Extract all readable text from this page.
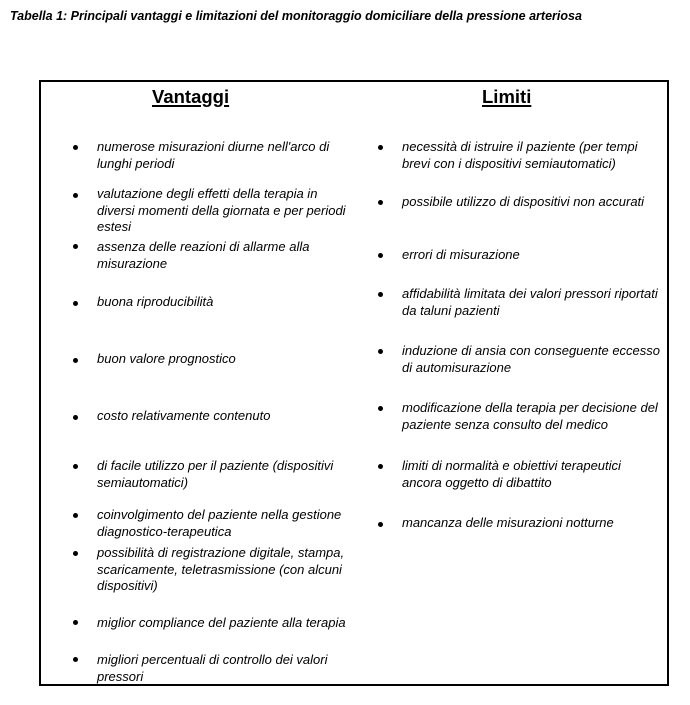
Tabella 1: Principali vantaggi e limitazioni del monitoraggio domiciliare della pressione arteriosa
Vantaggi	Limiti
numerose misurazioni diurne nell'arco di lunghi periodi
valutazione degli effetti della terapia in diversi momenti della giornata e per periodi estesi
assenza delle reazioni di allarme alla misurazione
buona riproducibilità
buon valore prognostico
costo relativamente contenuto
di facile utilizzo per il paziente (dispositivi semiautomatici)
coinvolgimento del paziente nella gestione diagnostico-terapeutica
possibilità di registrazione digitale, stampa, scaricamente, teletrasmissione (con alcuni dispositivi)
miglior compliance del paziente alla terapia
migliori percentuali di controllo dei valori pressori
necessità di istruire il paziente (per tempi brevi con i dispositivi semiautomatici)
possibile utilizzo di dispositivi non accurati
errori di misurazione
affidabilità limitata dei valori pressori riportati da taluni pazienti
induzione di ansia con conseguente eccesso di automisurazione
modificazione della terapia per decisione del paziente senza consulto del medico
limiti di normalità e obiettivi terapeutici ancora oggetto di dibattito
mancanza delle misurazioni notturne
